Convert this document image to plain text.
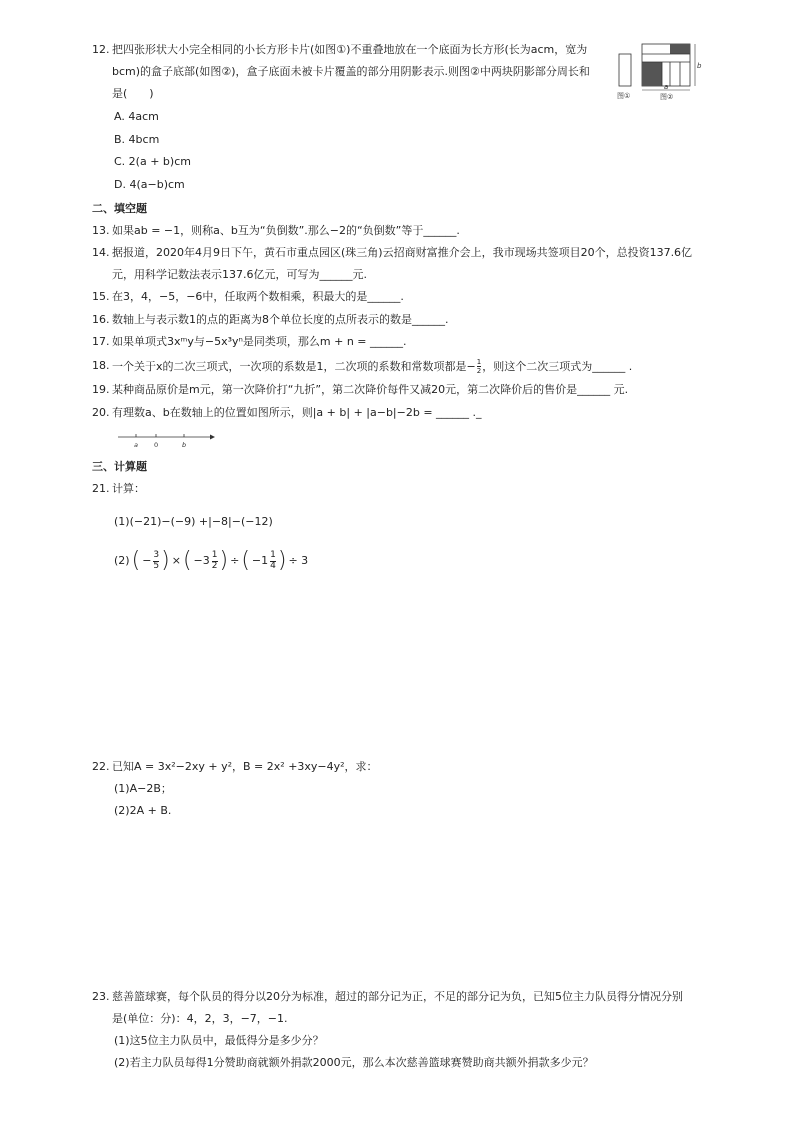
12. 把四张形状大小完全相同的小长方形卡片(如图①)不重叠地放在一个底面为长方形(长为acm，宽为
bcm)的盒子底部(如图②)，盒子底面未被卡片覆盖的部分用阴影表示.则图②中两块阴影部分周长和
是(　　)
A. 4acm
B. 4bcm
C. 2(a + b)cm
D. 4(a−b)cm
图①
b
a
图②
二、填空题
13. 如果ab = −1，则称a、b互为“负倒数”.那么−2的“负倒数”等于______.
14. 据报道，2020年4月9日下午，黄石市重点园区(珠三角)云招商财富推介会上，我市现场共签项目20个，总投资137.6亿
元，用科学记数法表示137.6亿元，可写为______元.
15. 在3，4，−5，−6中，任取两个数相乘，积最大的是______.
16. 数轴上与表示数1的点的距离为8个单位长度的点所表示的数是______.
17. 如果单项式3xᵐy与−5x³yⁿ是同类项，那么m + n = ______.
18. 一个关于x的二次三项式，一次项的系数是1，二次项的系数和常数项都是− $\frac{1}{2}$ ，则这个二次三项式为______ .
19. 某种商品原价是m元，第一次降价打“九折”，第二次降价每件又减20元，第二次降价后的售价是______ 元.
20. 有理数a、b在数轴上的位置如图所示，则|a + b| + |a−b|−2b = ______ ._
a 0	b
三、计算题
21. 计算：
(1)(−21)−(−9) +|−8|−(−12)
(2) ( − $\frac{3}{5}$ ) × ( $-3 \frac{1}{2}$ ) ÷ ( $-1 \frac{1}{4}$ ) ÷ 3
22. 已知A = 3x²−2xy + y²，B = 2x² +3xy−4y²，求：
(1)A−2B；
(2)2A + B.
23. 慈善篮球赛，每个队员的得分以20分为标准，超过的部分记为正，不足的部分记为负，已知5位主力队员得分情况分别
是(单位：分)：4，2，3，−7，−1.
(1)这5位主力队员中，最低得分是多少分？
(2)若主力队员每得1分赞助商就额外捐款2000元，那么本次慈善篮球赛赞助商共额外捐款多少元？
